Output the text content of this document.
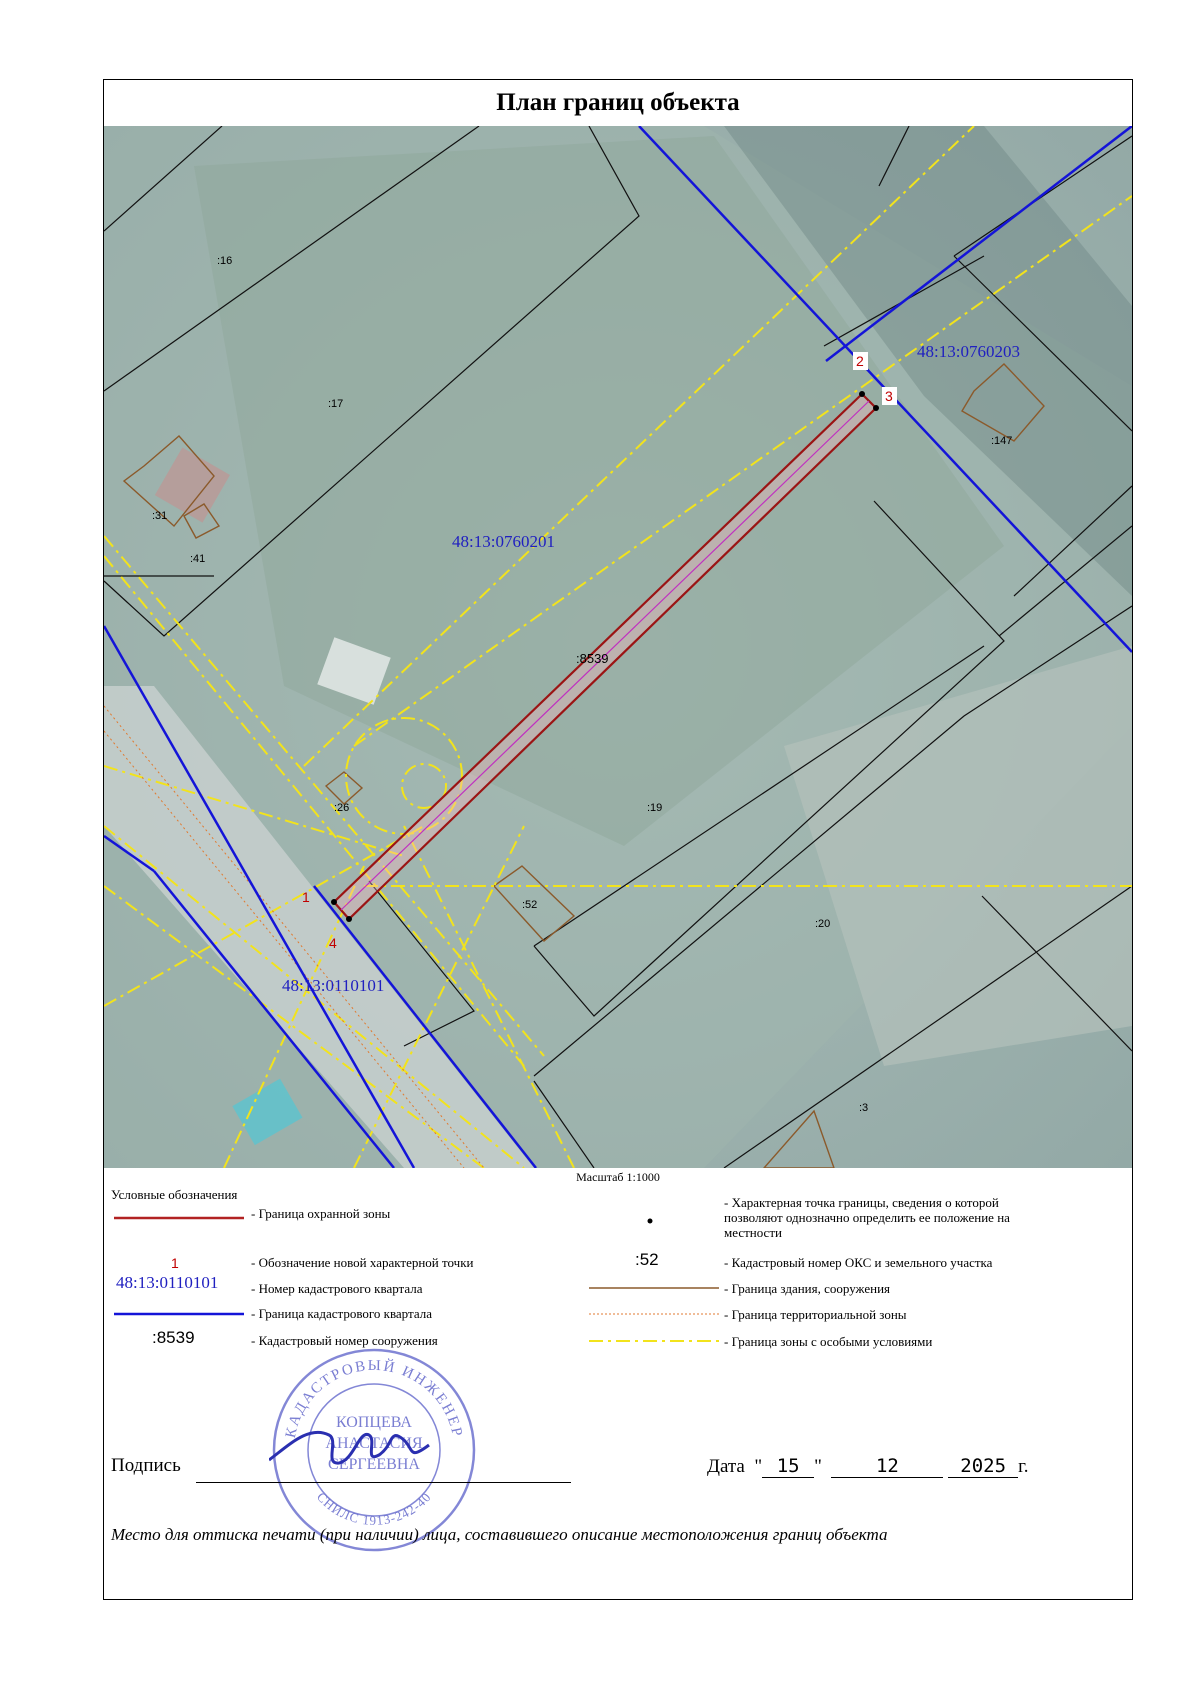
План границ объекта
2
3
1
4
48:13:0760203
48:13:0760201
48:13:0110101
:16
:17
:31
:41
:8539
:19
:26
:52
:20
:3
:147
Масштаб 1:1000
Условные обозначения
- Граница охранной зоны
1	- Обозначение новой характерной точки
48:13:0110101	- Номер кадастрового квартала
- Граница кадастрового квартала
:8539	- Кадастровый номер сооружения
- Характерная точка границы, сведения о которой позволяют однозначно определить ее положение на местности
:52	- Кадастровый номер ОКС и земельного участка
- Граница здания, сооружения
- Граница территориальной зоны
- Граница зоны с особыми условиями
КАДАСТРОВЫЙ ИНЖЕНЕР
СНИЛС 1913-242-40
КОПЦЕВА
АНАСТАСИЯ
СЕРГЕЕВНА
Подпись	Дата  " 15 "	12	2025 г.
Место для оттиска печати (при наличии) лица, составившего описание местоположения границ объекта
